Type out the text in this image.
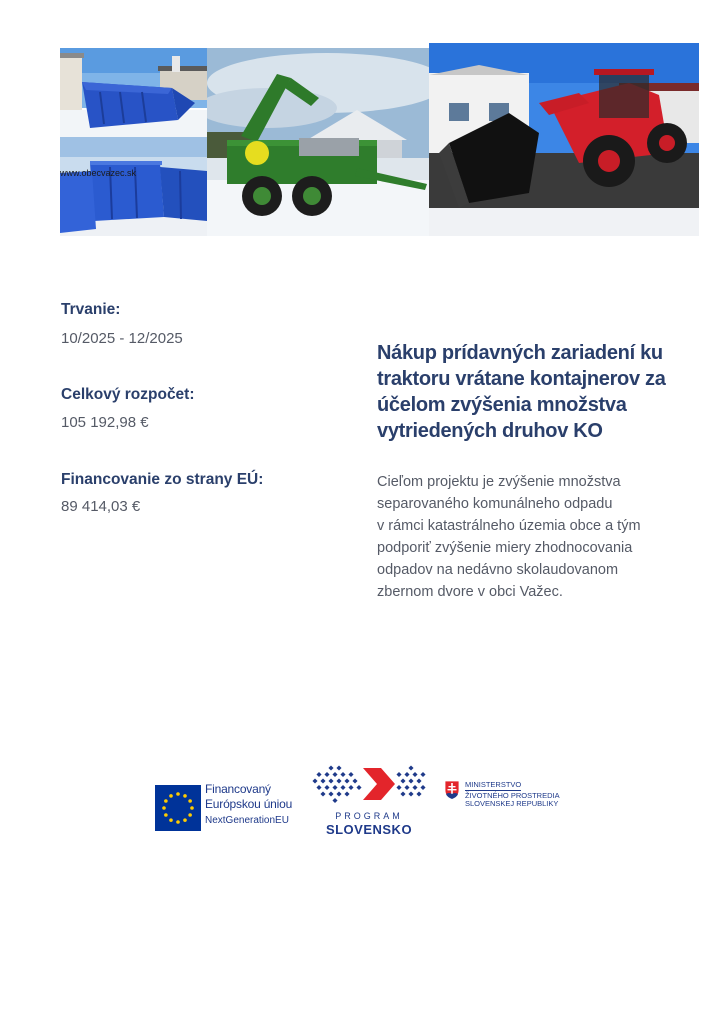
www.obecvazec.sk
Trvanie:
10/2025 - 12/2025
Celkový rozpočet:
105 192,98 €
Financovanie zo strany EÚ:
89 414,03 €
Nákup prídavných zariadení ku traktoru vrátane kontajnerov za účelom zvýšenia množstva vytriedených druhov KO
Cieľom projektu je zvýšenie množstva
separovaného komunálneho odpadu
v rámci katastrálneho územia obce a tým
podporiť zvýšenie miery zhodnocovania
odpadov na nedávno skolaudovanom
zbernom dvore v obci Važec.
Financovaný
Európskou úniou
NextGenerationEU	PROGRAM
SLOVENSKO
MINISTERSTVO
ŽIVOTNÉHO PROSTREDIA
SLOVENSKEJ REPUBLIKY
